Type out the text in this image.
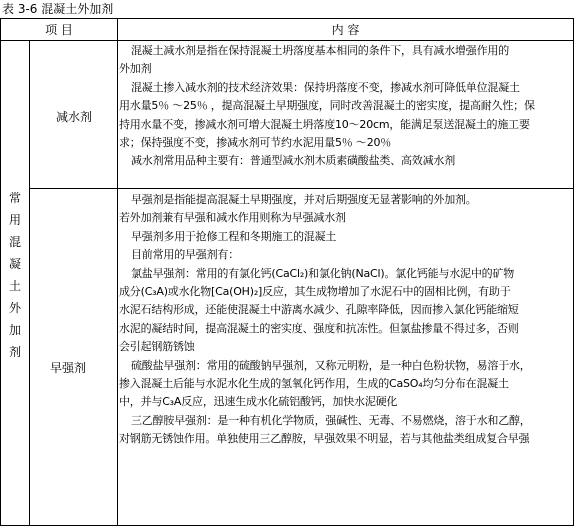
表 3-6 混凝土外加剂
项 目	内 容
常
用
混
凝
土
外
加
剂
减水剂

混凝土减水剂是指在保持混凝土坍落度基本相同的条件下，具有减水增强作用的

外加剂

混凝土掺入减水剂的技术经济效果：保持坍落度不变，掺减水剂可降低单位混凝土

用水量5％ ～25％ ，提高混凝土早期强度，同时改善混凝土的密实度，提高耐久性；保

持用水量不变，掺减水剂可增大混凝土坍落度10～20cm，能满足泵送混凝土的施工要

求；保持强度不变，掺减水剂可节约水泥用量5％ ～20％

减水剂常用品种主要有：普通型减水剂木质素磺酸盐类、高效减水剂

早强剂

早强剂是指能提高混凝土早期强度，并对后期强度无显著影响的外加剂。

若外加剂兼有早强和减水作用则称为早强减水剂

早强剂多用于抢修工程和冬期施工的混凝土

目前常用的早强剂有：

氯盐早强剂：常用的有氯化钙(CaCl₂)和氯化钠(NaCl)。氯化钙能与水泥中的矿物

成分(C₃A)或水化物[Ca(OH)₂]反应，其生成物增加了水泥石中的固相比例，有助于

水泥石结构形成，还能使混凝土中游离水减少、孔隙率降低，因而掺入氯化钙能缩短

水泥的凝结时间，提高混凝土的密实度、强度和抗冻性。但氯盐掺量不得过多，否则

会引起钢筋锈蚀

硫酸盐早强剂：常用的硫酸钠早强剂，又称元明粉，是一种白色粉状物，易溶于水，

掺入混凝土后能与水泥水化生成的氢氧化钙作用，生成的CaSO₄均匀分布在混凝土

中，并与C₃A反应，迅速生成水化硫铝酸钙，加快水泥硬化

三乙醇胺早强剂：是一种有机化学物质，强碱性、无毒、不易燃烧，溶于水和乙醇，

对钢筋无锈蚀作用。单独使用三乙醇胺，早强效果不明显，若与其他盐类组成复合早强
